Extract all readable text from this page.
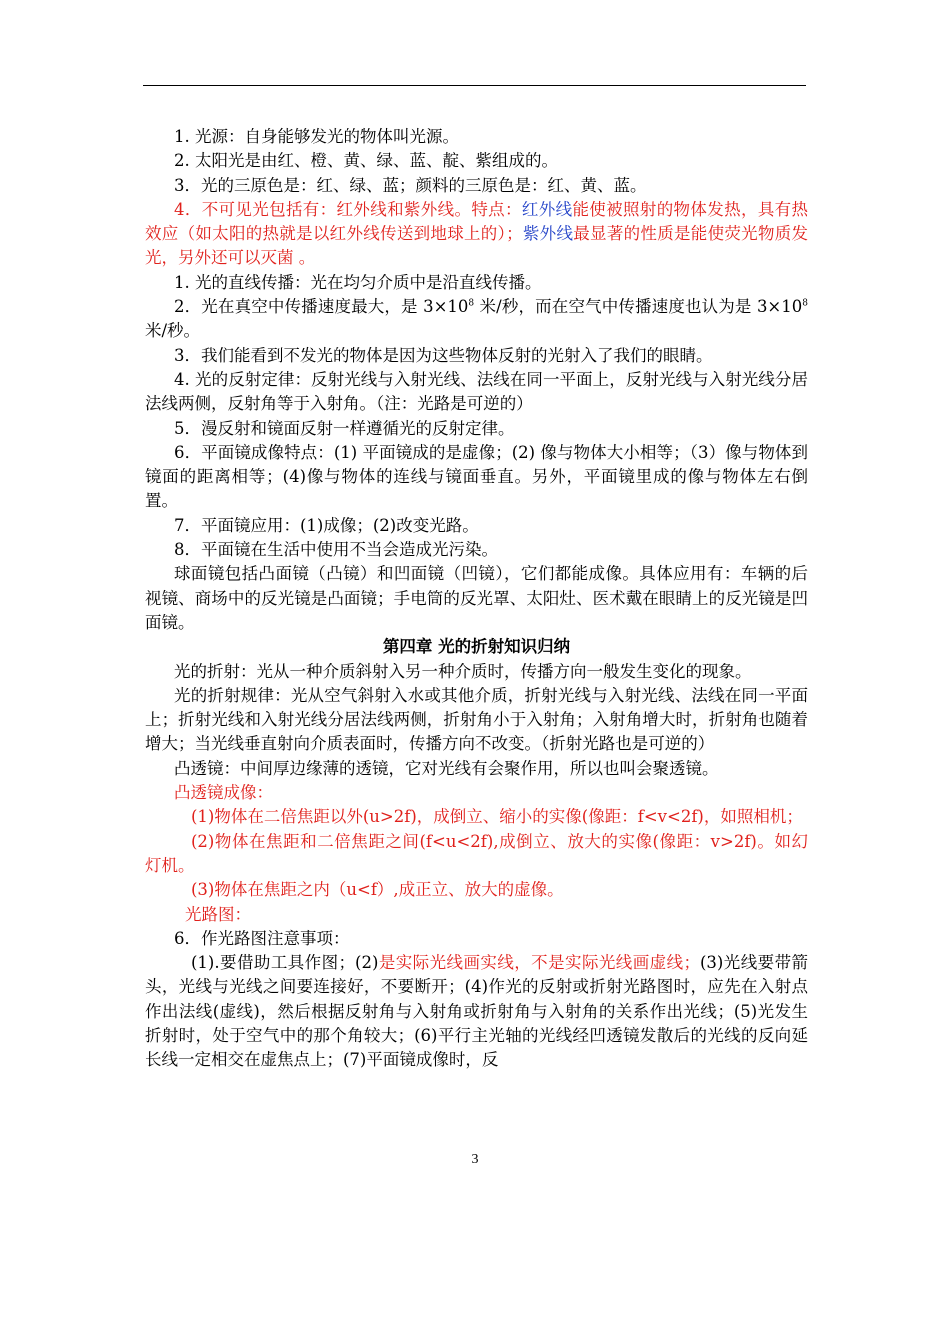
1. 光源：自身能够发光的物体叫光源。

2. 太阳光是由红、橙、黄、绿、蓝、靛、紫组成的。

3．光的三原色是：红、绿、蓝；颜料的三原色是：红、黄、蓝。

4．不可见光包括有：红外线和紫外线。特点：红外线能使被照射的物体发热，具有热效应（如太阳的热就是以红外线传送到地球上的）；紫外线最显著的性质是能使荧光物质发光，另外还可以灭菌 。

1. 光的直线传播：光在均匀介质中是沿直线传播。

2．光在真空中传播速度最大，是 $3\times 10^8$ 米/秒，而在空气中传播速度也认为是 $3\times 10^8$ 米/秒。

3．我们能看到不发光的物体是因为这些物体反射的光射入了我们的眼睛。

4. 光的反射定律：反射光线与入射光线、法线在同一平面上，反射光线与入射光线分居法线两侧，反射角等于入射角。（注：光路是可逆的）

5．漫反射和镜面反射一样遵循光的反射定律。

6．平面镜成像特点：(1) 平面镜成的是虚像；(2) 像与物体大小相等；（3）像与物体到镜面的距离相等；(4)像与物体的连线与镜面垂直。另外，平面镜里成的像与物体左右倒置。

7．平面镜应用：(1)成像；(2)改变光路。

8．平面镜在生活中使用不当会造成光污染。

球面镜包括凸面镜（凸镜）和凹面镜（凹镜），它们都能成像。具体应用有：车辆的后视镜、商场中的反光镜是凸面镜；手电筒的反光罩、太阳灶、医术戴在眼睛上的反光镜是凹面镜。

第四章 光的折射知识归纳

光的折射：光从一种介质斜射入另一种介质时，传播方向一般发生变化的现象。

光的折射规律：光从空气斜射入水或其他介质，折射光线与入射光线、法线在同一平面上；折射光线和入射光线分居法线两侧，折射角小于入射角；入射角增大时，折射角也随着增大；当光线垂直射向介质表面时，传播方向不改变。（折射光路也是可逆的）

凸透镜：中间厚边缘薄的透镜，它对光线有会聚作用，所以也叫会聚透镜。

凸透镜成像：

(1)物体在二倍焦距以外(u>2f)，成倒立、缩小的实像(像距：f<v<2f)，如照相机；

(2)物体在焦距和二倍焦距之间(f<u<2f),成倒立、放大的实像(像距：v>2f)。如幻灯机。

(3)物体在焦距之内（u<f）,成正立、放大的虚像。

光路图：

6．作光路图注意事项：

(1).要借助工具作图；(2)是实际光线画实线，不是实际光线画虚线；(3)光线要带箭头，光线与光线之间要连接好，不要断开；(4)作光的反射或折射光路图时，应先在入射点作出法线(虚线)，然后根据反射角与入射角或折射角与入射角的关系作出光线；(5)光发生折射时，处于空气中的那个角较大；(6)平行主光轴的光线经凹透镜发散后的光线的反向延长线一定相交在虚焦点上；(7)平面镜成像时，反

3
